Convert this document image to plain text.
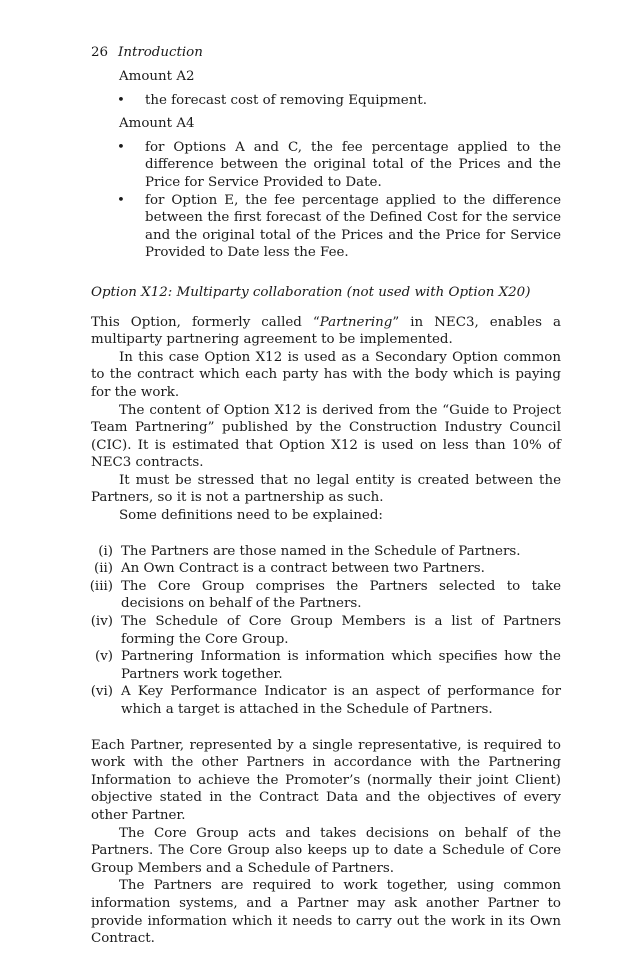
26 Introduction
Amount A2
• the forecast cost of removing Equipment.
Amount A4
• for Options A and C, the fee percentage applied to the difference between the original total of the Prices and the Price for Service Provided to Date.
• for Option E, the fee percentage applied to the difference between the first forecast of the Defined Cost for the service and the original total of the Prices and the Price for Service Provided to Date less the Fee.
Option X12: Multiparty collaboration (not used with Option X20)

This Option, formerly called “Partnering” in NEC3, enables a multiparty partnering agreement to be implemented.

In this case Option X12 is used as a Secondary Option common to the contract which each party has with the body which is paying for the work.

The content of Option X12 is derived from the “Guide to Project Team Partnering” published by the Construction Industry Council (CIC). It is estimated that Option X12 is used on less than 10% of NEC3 contracts.

It must be stressed that no legal entity is created between the Partners, so it is not a partnership as such.

Some definitions need to be explained:

(i) The Partners are those named in the Schedule of Partners.
(ii) An Own Contract is a contract between two Partners.
(iii) The Core Group comprises the Partners selected to take decisions on behalf of the Partners.
(iv) The Schedule of Core Group Members is a list of Partners forming the Core Group.
(v) Partnering Information is information which specifies how the Partners work together.
(vi) A Key Performance Indicator is an aspect of performance for which a target is attached in the Schedule of Partners.

Each Partner, represented by a single representative, is required to work with the other Partners in accordance with the Partnering Information to achieve the Promoter’s (normally their joint Client) objective stated in the Contract Data and the objectives of every other Partner.

The Core Group acts and takes decisions on behalf of the Partners. The Core Group also keeps up to date a Schedule of Core Group Members and a Schedule of Partners.

The Partners are required to work together, using common information systems, and a Partner may ask another Partner to provide information which it needs to carry out the work in its Own Contract.
